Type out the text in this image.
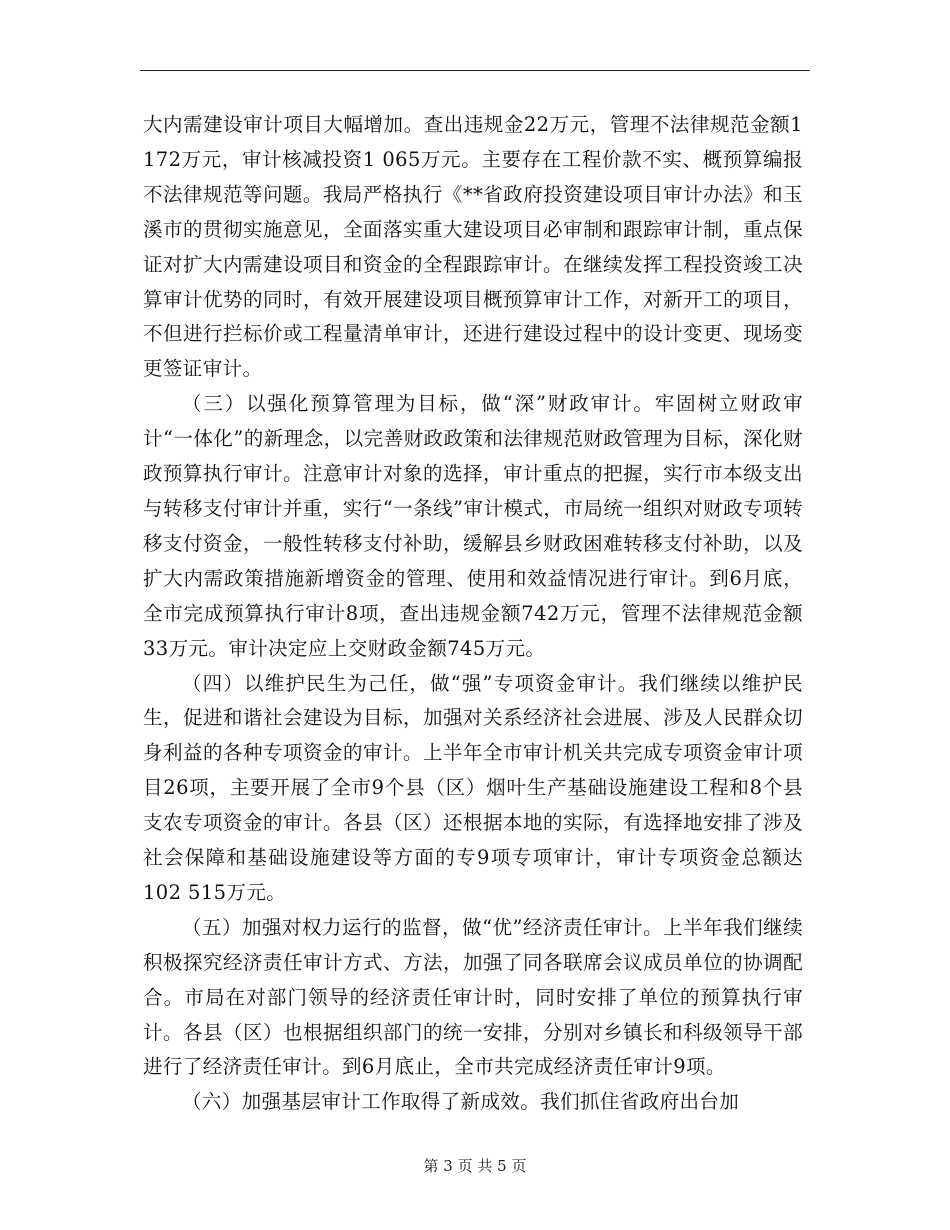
大内需建设审计项目大幅增加。查出违规金22万元，管理不法律规范金额1 172万元，审计核减投资1 065万元。主要存在工程价款不实、概预算编报不法律规范等问题。我局严格执行《**省政府投资建设项目审计办法》和玉溪市的贯彻实施意见，全面落实重大建设项目必审制和跟踪审计制，重点保证对扩大内需建设项目和资金的全程跟踪审计。在继续发挥工程投资竣工决算审计优势的同时，有效开展建设项目概预算审计工作，对新开工的项目，不但进行拦标价或工程量清单审计，还进行建设过程中的设计变更、现场变更签证审计。

（三）以强化预算管理为目标，做“深”财政审计。牢固树立财政审计“一体化”的新理念，以完善财政政策和法律规范财政管理为目标，深化财政预算执行审计。注意审计对象的选择，审计重点的把握，实行市本级支出与转移支付审计并重，实行“一条线”审计模式，市局统一组织对财政专项转移支付资金，一般性转移支付补助，缓解县乡财政困难转移支付补助，以及扩大内需政策措施新增资金的管理、使用和效益情况进行审计。到6月底，全市完成预算执行审计8项，查出违规金额742万元，管理不法律规范金额33万元。审计决定应上交财政金额745万元。

（四）以维护民生为己任，做“强”专项资金审计。我们继续以维护民生，促进和谐社会建设为目标，加强对关系经济社会进展、涉及人民群众切身利益的各种专项资金的审计。上半年全市审计机关共完成专项资金审计项目26项，主要开展了全市9个县（区）烟叶生产基础设施建设工程和8个县支农专项资金的审计。各县（区）还根据本地的实际，有选择地安排了涉及社会保障和基础设施建设等方面的专9项专项审计，审计专项资金总额达102 515万元。

（五）加强对权力运行的监督，做“优”经济责任审计。上半年我们继续积极探究经济责任审计方式、方法，加强了同各联席会议成员单位的协调配合。市局在对部门领导的经济责任审计时，同时安排了单位的预算执行审计。各县（区）也根据组织部门的统一安排，分别对乡镇长和科级领导干部进行了经济责任审计。到6月底止，全市共完成经济责任审计9项。

（六）加强基层审计工作取得了新成效。我们抓住省政府出台加

第 3 页 共 5 页
